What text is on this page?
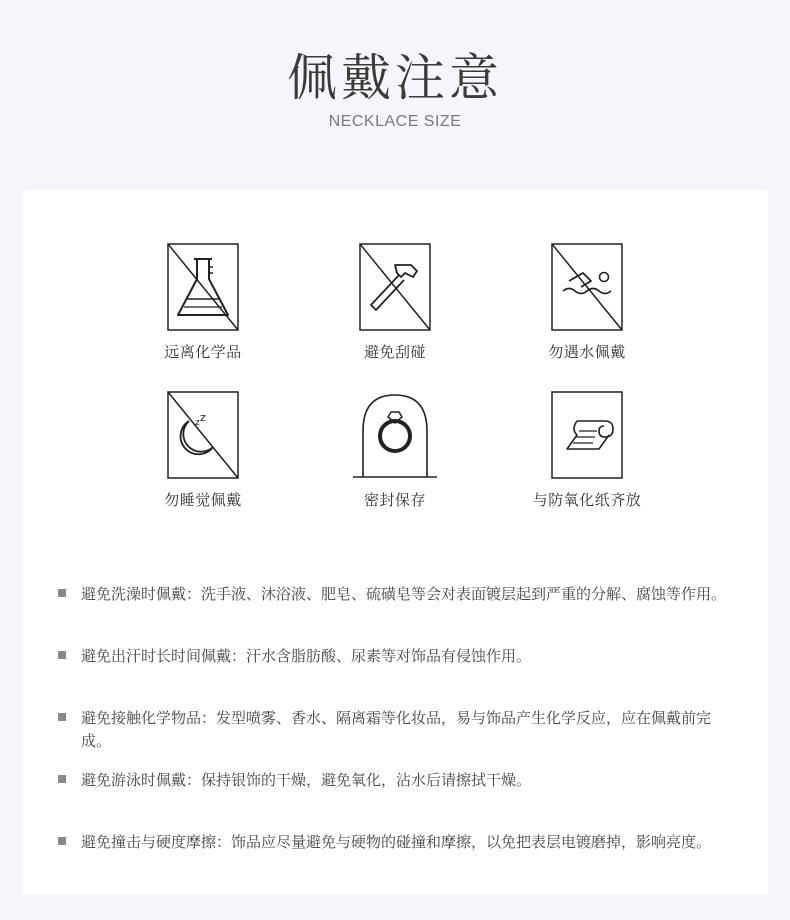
佩戴注意
NECKLACE SIZE
远离化学品	避免刮碰	勿遇水佩戴
z z
勿睡觉佩戴	密封保存	与防氧化纸齐放
避免洗澡时佩戴：洗手液、沐浴液、肥皂、硫磺皂等会对表面镀层起到严重的分解、腐蚀等作用。
避免出汗时长时间佩戴：汗水含脂肪酸、尿素等对饰品有侵蚀作用。
避免接触化学物品：发型喷雾、香水、隔离霜等化妆品，易与饰品产生化学反应，应在佩戴前完成。
避免游泳时佩戴：保持银饰的干燥，避免氧化，沾水后请擦拭干燥。
避免撞击与硬度摩擦：饰品应尽量避免与硬物的碰撞和摩擦，以免把表层电镀磨掉，影响亮度。
